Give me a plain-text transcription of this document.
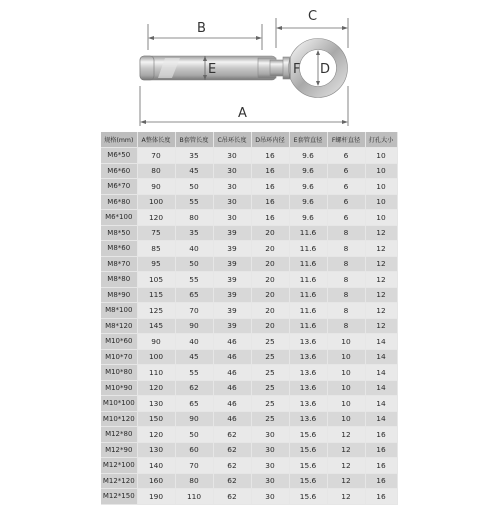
B
C
D
E	F
A
规格(mm)	A整体长度	B套管长度	C吊环长度	D吊环内径	E套管直径	F螺杆直径	打孔大小
M6*50	70	35	30	16	9.6	6	10
M6*60	80	45	30	16	9.6	6	10
M6*70	90	50	30	16	9.6	6	10
M6*80	100	55	30	16	9.6	6	10
M6*100	120	80	30	16	9.6	6	10
M8*50	75	35	39	20	11.6	8	12
M8*60	85	40	39	20	11.6	8	12
M8*70	95	50	39	20	11.6	8	12
M8*80	105	55	39	20	11.6	8	12
M8*90	115	65	39	20	11.6	8	12
M8*100	125	70	39	20	11.6	8	12
M8*120	145	90	39	20	11.6	8	12
M10*60	90	40	46	25	13.6	10	14
M10*70	100	45	46	25	13.6	10	14
M10*80	110	55	46	25	13.6	10	14
M10*90	120	62	46	25	13.6	10	14
M10*100	130	65	46	25	13.6	10	14
M10*120	150	90	46	25	13.6	10	14
M12*80	120	50	62	30	15.6	12	16
M12*90	130	60	62	30	15.6	12	16
M12*100	140	70	62	30	15.6	12	16
M12*120	160	80	62	30	15.6	12	16
M12*150	190	110	62	30	15.6	12	16
